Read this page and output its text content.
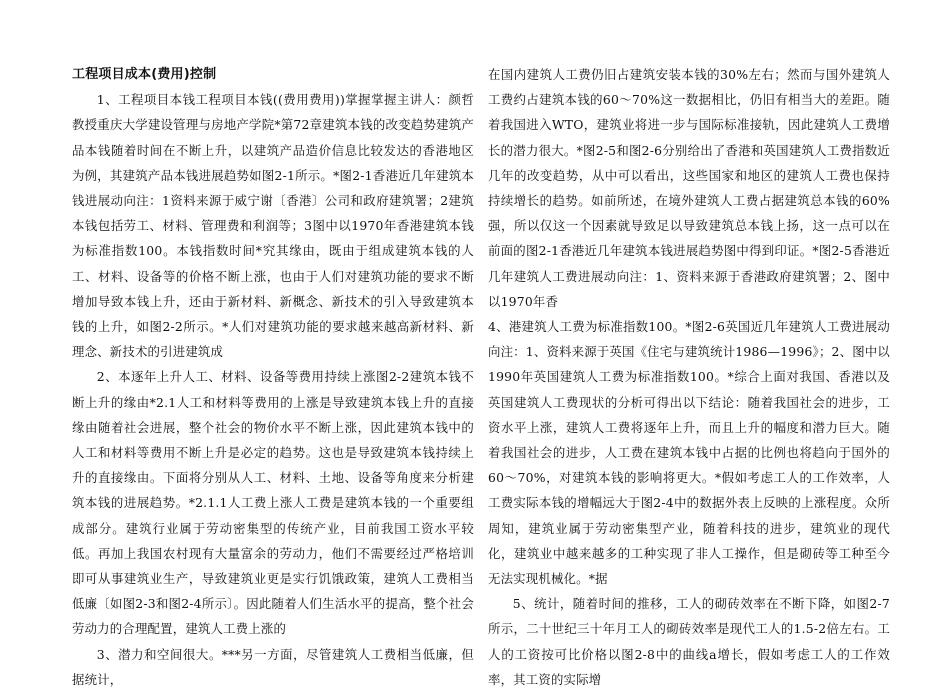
工程项目成本(费用)控制

1、工程项目本钱工程项目本钱((费用费用))掌握掌握主讲人：颜哲教授重庆大学建设管理与房地产学院*第72章建筑本钱的改变趋势建筑产品本钱随着时间在不断上升，以建筑产品造价信息比较发达的香港地区为例，其建筑产品本钱进展趋势如图2-1所示。*图2-1香港近几年建筑本钱进展动向注：1资料来源于威宁谢〔香港〕公司和政府建筑署；2建筑本钱包括劳工、材料、管理费和利润等；3图中以1970年香港建筑本钱为标准指数100。本钱指数时间*究其缘由，既由于组成建筑本钱的人工、材料、设备等的价格不断上涨，也由于人们对建筑功能的要求不断增加导致本钱上升，还由于新材料、新概念、新技术的引入导致建筑本钱的上升，如图2-2所示。*人们对建筑功能的要求越来越高新材料、新理念、新技术的引进建筑成

2、本逐年上升人工、材料、设备等费用持续上涨图2-2建筑本钱不断上升的缘由*2.1人工和材料等费用的上涨是导致建筑本钱上升的直接缘由随着社会进展，整个社会的物价水平不断上涨，因此建筑本钱中的人工和材料等费用不断上升是必定的趋势。这也是导致建筑本钱持续上升的直接缘由。下面将分别从人工、材料、土地、设备等角度来分析建筑本钱的进展趋势。*2.1.1人工费上涨人工费是建筑本钱的一个重要组成部分。建筑行业属于劳动密集型的传统产业，目前我国工资水平较低。再加上我国农村现有大量富余的劳动力，他们不需要经过严格培训即可从事建筑业生产，导致建筑业更是实行饥饿政策，建筑人工费相当低廉〔如图2-3和图2-4所示〕。因此随着人们生活水平的提高，整个社会劳动力的合理配置，建筑人工费上涨的

3、潜力和空间很大。***另一方面，尽管建筑人工费相当低廉，但据统计，

在国内建筑人工费仍旧占建筑安装本钱的30%左右；然而与国外建筑人工费约占建筑本钱的60～70%这一数据相比，仍旧有相当大的差距。随着我国进入WTO，建筑业将进一步与国际标准接轨，因此建筑人工费增长的潜力很大。*图2-5和图2-6分别给出了香港和英国建筑人工费指数近几年的改变趋势，从中可以看出，这些国家和地区的建筑人工费也保持持续增长的趋势。如前所述，在境外建筑人工费占据建筑总本钱的60%强，所以仅这一个因素就导致足以导致建筑总本钱上扬，这一点可以在前面的图2-1香港近几年建筑本钱进展趋势图中得到印证。*图2-5香港近几年建筑人工费进展动向注：1、资料来源于香港政府建筑署；2、图中以1970年香

4、港建筑人工费为标准指数100。*图2-6英国近几年建筑人工费进展动向注：1、资料来源于英国《住宅与建筑统计1986—1996》；2、图中以1990年英国建筑人工费为标准指数100。*综合上面对我国、香港以及英国建筑人工费现状的分析可得出以下结论：随着我国社会的进步，工资水平上涨，建筑人工费将逐年上升，而且上升的幅度和潜力巨大。随着我国社会的进步，人工费在建筑本钱中占据的比例也将趋向于国外的60～70%，对建筑本钱的影响将更大。*假如考虑工人的工作效率，人工费实际本钱的增幅远大于图2-4中的数据外表上反映的上涨程度。众所周知，建筑业属于劳动密集型产业，随着科技的进步，建筑业的现代化，建筑业中越来越多的工种实现了非人工操作，但是砌砖等工种至今无法实现机械化。*据

5、统计，随着时间的推移，工人的砌砖效率在不断下降，如图2-7所示，二十世纪三十年月工人的砌砖效率是现代工人的1.5-2倍左右。工人的工资按可比价格以图2-8中的曲线a增长，假如考虑工人的工作效率，其工资的实际增
